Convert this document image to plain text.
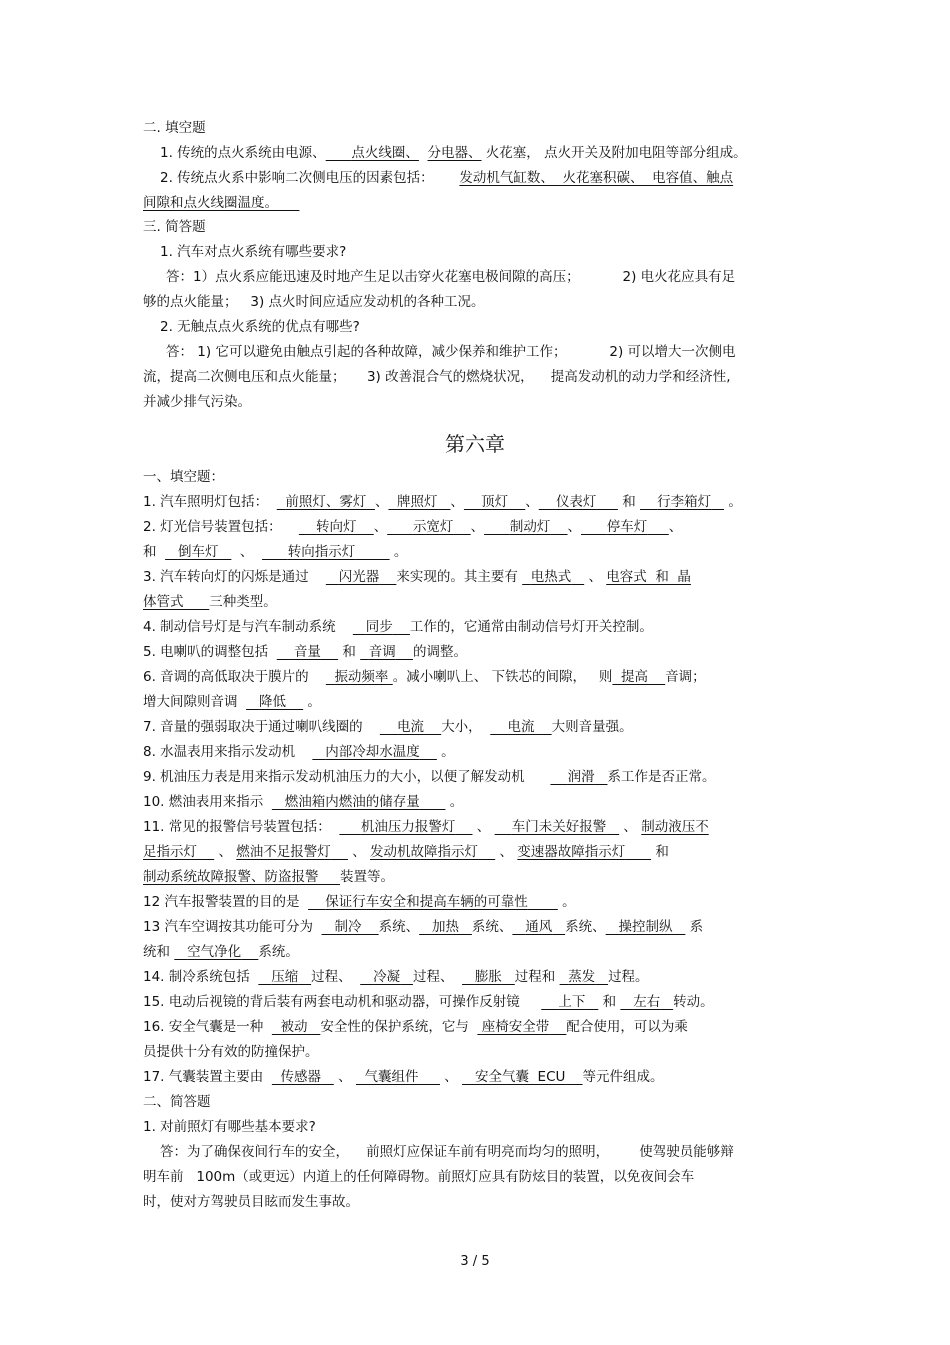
二. 填空题
1. 传统的点火系统由电源、 点火线圈、 分电器、 火花塞， 点火开关及附加电阻等部分组成。
2. 传统点火系中影响二次侧电压的因素包括： 发动机气缸数、  火花塞积碳、  电容值、触点
间隙和点火线圈温度。
三. 简答题
1. 汽车对点火系统有哪些要求?
答：1）点火系应能迅速及时地产生足以击穿火花塞电极间隙的高压；          2) 电火花应具有足
够的点火能量；   3) 点火时间应适应发动机的各种工况。
2. 无触点点火系统的优点有哪些?
答： 1) 它可以避免由触点引起的各种故障，减少保养和维护工作；          2) 可以增大一次侧电
流，提高二次侧电压和点火能量；     3) 改善混合气的燃烧状况，    提高发动机的动力学和经济性,
并减少排气污染。
第六章
一、填空题：
1. 汽车照明灯包括： 前照灯、雾灯 、 牌照灯 、 顶灯 、 仪表灯      和     行李箱灯    。
2. 灯光信号装置包括：	转向灯 、 示宽灯 、 制动灯 、 停车灯 、
和 倒车灯     、        转向指示灯	。
3. 汽车转向灯的闪烁是通过 闪光器 来实现的。其主要有 电热式    、 电容式  和  晶
体管式 三种类型。
4. 制动信号灯是与汽车制动系统 同步 工作的，它通常由制动信号灯开关控制。
5. 电喇叭的调整包括 音量     和   音调 的调整。
6. 音调的高低取决于膜片的 振动频率 。减小喇叭上、 下铁芯的间隙，   则 提高 音调；
增大间隙则音调 降低     。
7. 音量的强弱取决于通过喇叭线圈的	电流 大小， 电流 大则音量强。
8. 水温表用来指示发动机 内部冷却水温度     。
9. 机油压力表是用来指示发动机油压力的大小，以便了解发动机	润滑 系工作是否正常。
10. 燃油表用来指示 燃油箱内燃油的储存量       。
11. 常见的报警信号装置包括： 机油压力报警灯     、     车门未关好报警    、 制动液压不
足指示灯     、 燃油不足报警灯     、 发动机故障指示灯     、 变速器故障指示灯       和
制动系统故障报警、防盗报警 装置等。
12 汽车报警装置的目的是 保证行车安全和提高车辆的可靠性        。
13 汽车空调按其功能可分为 制冷 系统、 加热 系统、 通风 系统、 操控制纵 系
统和 空气净化 系统。
14. 制冷系统包括 压缩 过程、 冷凝 过程、 膨胀 过程和 蒸发 过程。
15. 电动后视镜的背后装有两套电动机和驱动器，可操作反射镜	上下    和    左右 转动。
16. 安全气囊是一种 被动 安全性的保护系统，它与 座椅安全带 配合使用，可以为乘
员提供十分有效的防撞保护。
17. 气囊装置主要由 传感器    、   气囊组件      、    安全气囊  ECU 等元件组成。
二、简答题
1. 对前照灯有哪些基本要求?
答：为了确保夜间行车的安全，    前照灯应保证车前有明亮而均匀的照明，       使驾驶员能够辩
明车前   100m（或更远）内道上的任何障碍物。前照灯应具有防炫目的装置，以免夜间会车
时，使对方驾驶员目眩而发生事故。
3 / 5
